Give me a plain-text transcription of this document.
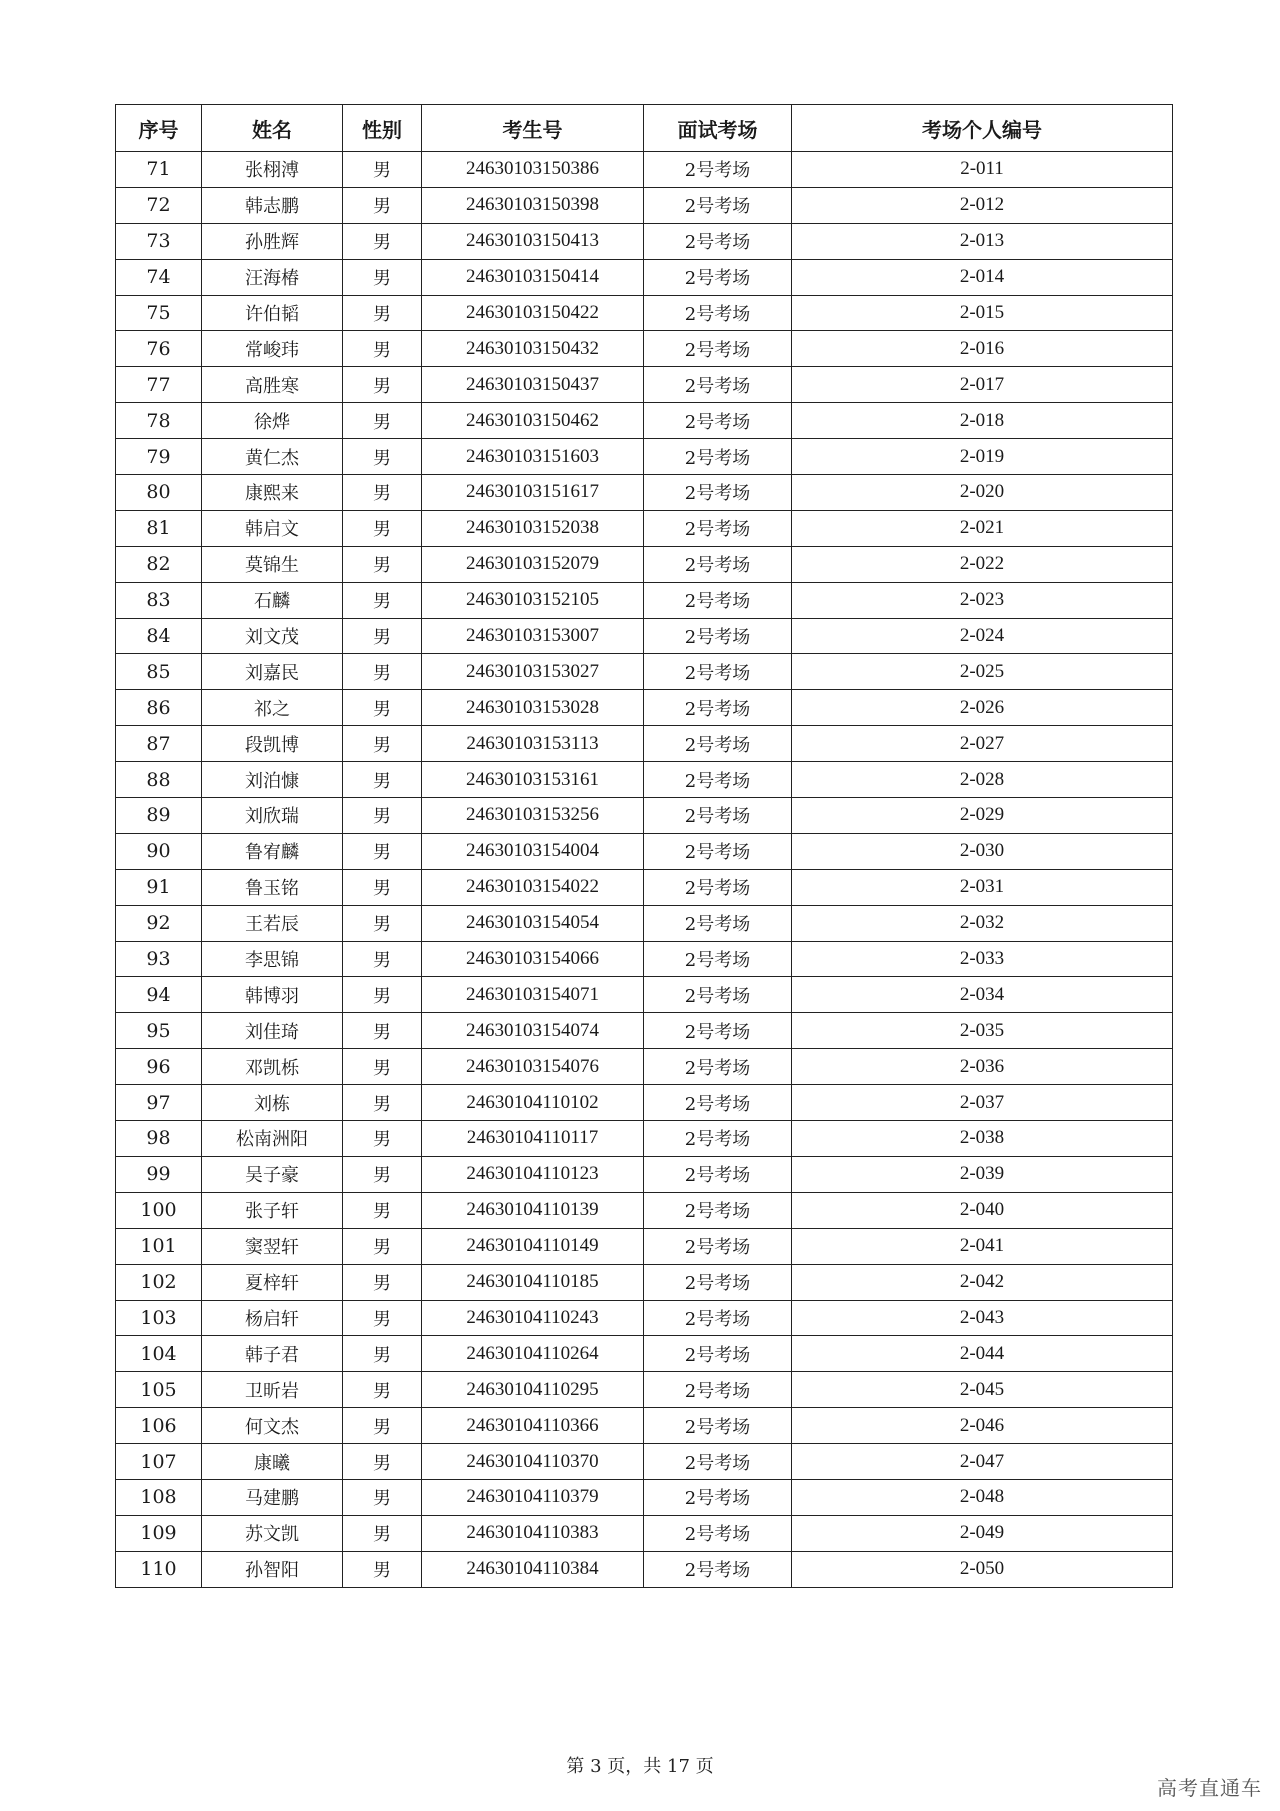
序号	姓名	性别	考生号	面试考场	考场个人编号
71	张栩溥	男	24630103150386	2号考场	2-011
72	韩志鹏	男	24630103150398	2号考场	2-012
73	孙胜辉	男	24630103150413	2号考场	2-013
74	汪海椿	男	24630103150414	2号考场	2-014
75	许伯韬	男	24630103150422	2号考场	2-015
76	常峻玮	男	24630103150432	2号考场	2-016
77	高胜寒	男	24630103150437	2号考场	2-017
78	徐烨	男	24630103150462	2号考场	2-018
79	黄仁杰	男	24630103151603	2号考场	2-019
80	康熙来	男	24630103151617	2号考场	2-020
81	韩启文	男	24630103152038	2号考场	2-021
82	莫锦生	男	24630103152079	2号考场	2-022
83	石麟	男	24630103152105	2号考场	2-023
84	刘文茂	男	24630103153007	2号考场	2-024
85	刘嘉民	男	24630103153027	2号考场	2-025
86	祁之	男	24630103153028	2号考场	2-026
87	段凯博	男	24630103153113	2号考场	2-027
88	刘泊慷	男	24630103153161	2号考场	2-028
89	刘欣瑞	男	24630103153256	2号考场	2-029
90	鲁宥麟	男	24630103154004	2号考场	2-030
91	鲁玉铭	男	24630103154022	2号考场	2-031
92	王若辰	男	24630103154054	2号考场	2-032
93	李思锦	男	24630103154066	2号考场	2-033
94	韩博羽	男	24630103154071	2号考场	2-034
95	刘佳琦	男	24630103154074	2号考场	2-035
96	邓凯栎	男	24630103154076	2号考场	2-036
97	刘栋	男	24630104110102	2号考场	2-037
98	松南洲阳	男	24630104110117	2号考场	2-038
99	吴子豪	男	24630104110123	2号考场	2-039
100	张子轩	男	24630104110139	2号考场	2-040
101	窦翌轩	男	24630104110149	2号考场	2-041
102	夏梓轩	男	24630104110185	2号考场	2-042
103	杨启轩	男	24630104110243	2号考场	2-043
104	韩子君	男	24630104110264	2号考场	2-044
105	卫昕岩	男	24630104110295	2号考场	2-045
106	何文杰	男	24630104110366	2号考场	2-046
107	康曦	男	24630104110370	2号考场	2-047
108	马建鹏	男	24630104110379	2号考场	2-048
109	苏文凯	男	24630104110383	2号考场	2-049
110	孙智阳	男	24630104110384	2号考场	2-050
第 3 页，共 17 页
高考直通车
